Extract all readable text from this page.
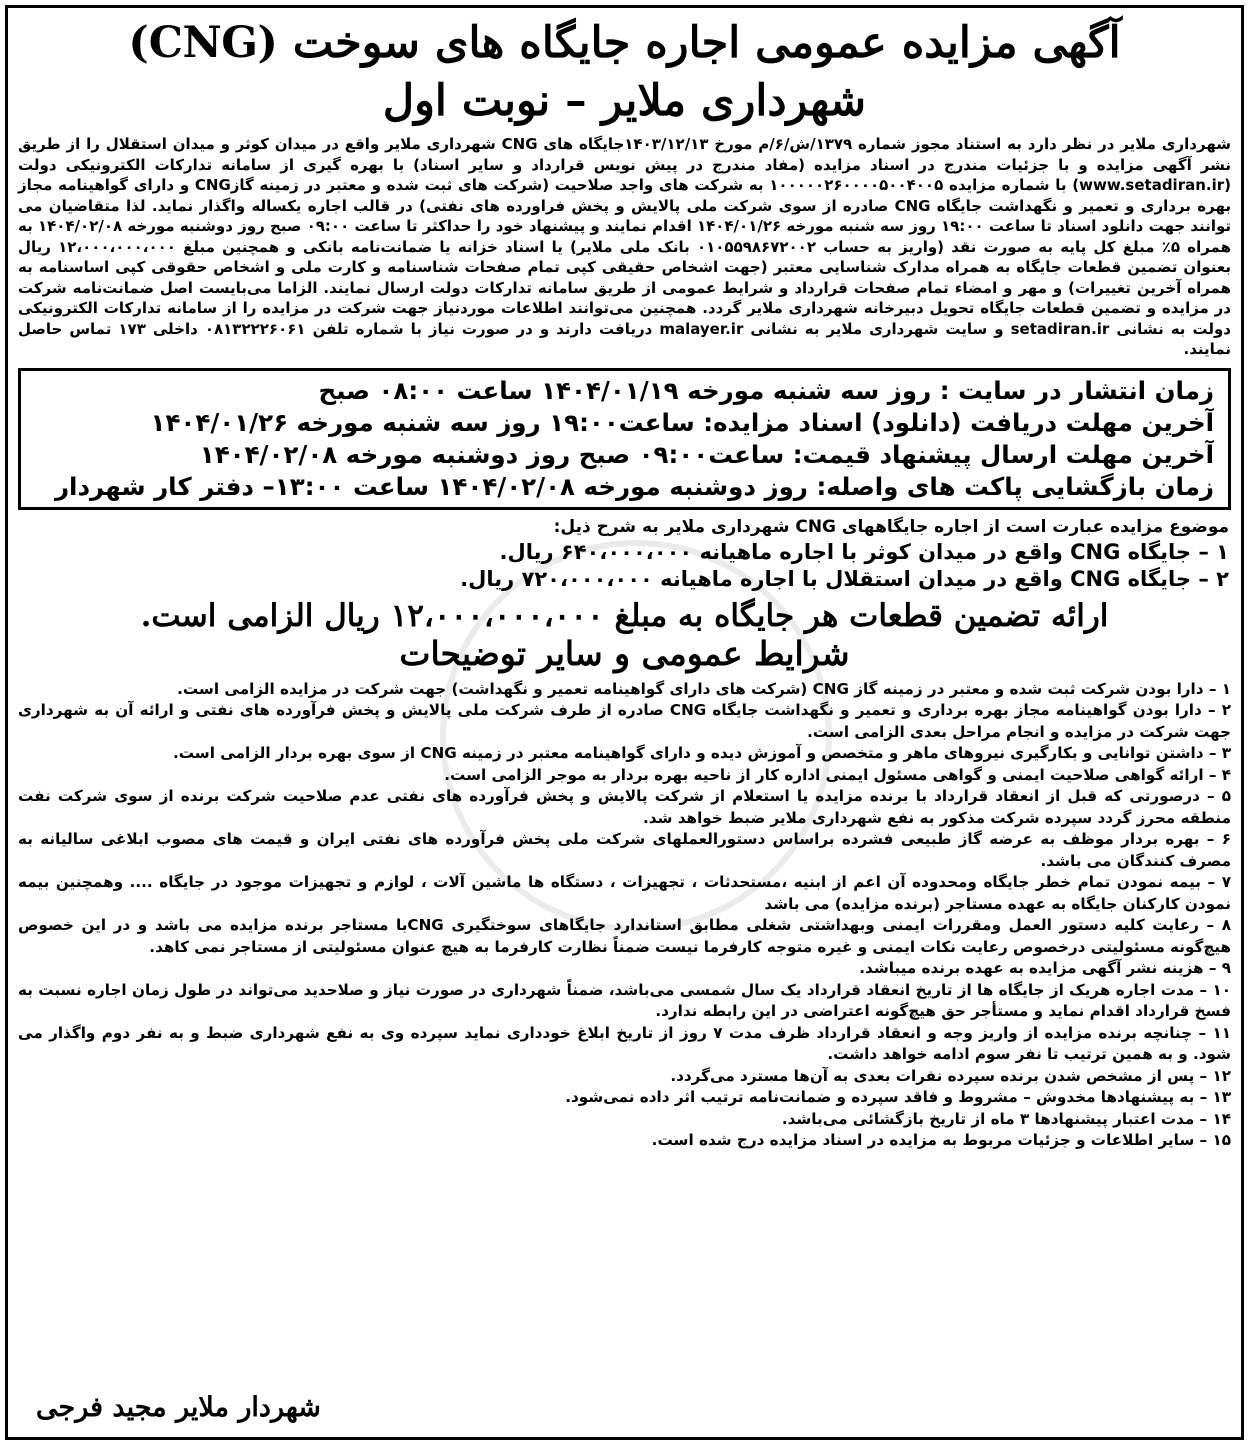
آگهی مزایده عمومی اجاره جایگاه های سوخت (CNG)
شهرداری ملایر – نوبت اول
شهرداری ملایر در نظر دارد به استناد مجوز شماره ۱۳۷۹/ش/۶/م مورخ ۱۴۰۳/۱۲/۱۳جایگاه های CNG شهرداری ملایر واقع در میدان کوثر و میدان استقلال را از طریق نشر آگهی مزایده و با جزئیات مندرج در اسناد مزایده (مفاد مندرج در پیش نویس قرارداد و سایر اسناد) با بهره گیری از سامانه تدارکات الکترونیکی دولت (www.setadiran.ir) با شماره مزایده ۱۰۰۰۰۰۲۶۰۰۰۰۵۰۰۴۰۰۵ به شرکت های واجد صلاحیت (شرکت های ثبت شده و معتبر در زمینه گازCNG و دارای گواهینامه مجاز بهره برداری و تعمیر و نگهداشت جایگاه CNG صادره از سوی شرکت ملی پالایش و پخش فراورده های نفتی) در قالب اجاره یکساله واگذار نماید. لذا متقاضیان می توانند جهت دانلود اسناد تا ساعت ۱۹:۰۰ روز سه شنبه مورخه ۱۴۰۴/۰۱/۲۶ اقدام نمایند و پیشنهاد خود را حداکثر تا ساعت ۰۹:۰۰ صبح روز دوشنبه مورخه ۱۴۰۴/۰۲/۰۸ به همراه ۵٪ مبلغ کل پایه به صورت نقد (واریز به حساب ۰۱۰۵۵۹۸۶۷۲۰۰۲ بانک ملی ملایر) یا اسناد خزانه یا ضمانت‌نامه بانکی و همچنین مبلغ ۱۲،۰۰۰،۰۰۰،۰۰۰ ریال بعنوان تضمین قطعات جایگاه به همراه مدارک شناسایی معتبر (جهت اشخاص حقیقی کپی تمام صفحات شناسنامه و کارت ملی و اشخاص حقوقی کپی اساسنامه به همراه آخرین تغییرات) و مهر و امضاء تمام صفحات قرارداد و شرایط عمومی از طریق سامانه تدارکات دولت ارسال نمایند. الزاما می‌بایست اصل ضمانت‌نامه شرکت در مزایده و تضمین قطعات جایگاه تحویل دبیرخانه شهرداری ملایر گردد. همچنین می‌توانند اطلاعات موردنیاز جهت شرکت در مزایده را از سامانه تدارکات الکترونیکی دولت به نشانی setadiran.ir و سایت شهرداری ملایر به نشانی malayer.ir دریافت دارند و در صورت نیاز با شماره تلفن ۰۸۱۳۲۲۲۶۰۶۱ داخلی ۱۷۳ تماس حاصل نمایند.
زمان انتشار در سایت : روز سه شنبه مورخه ۱۴۰۴/۰۱/۱۹ ساعت ۰۸:۰۰ صبح
آخرین مهلت دریافت (دانلود) اسناد مزایده: ساعت۱۹:۰۰ روز سه شنبه مورخه ۱۴۰۴/۰۱/۲۶
آخرین مهلت ارسال پیشنهاد قیمت: ساعت۰۹:۰۰ صبح روز دوشنبه مورخه ۱۴۰۴/۰۲/۰۸
زمان بازگشایی پاکت های واصله: روز دوشنبه مورخه ۱۴۰۴/۰۲/۰۸ ساعت ۱۳:۰۰– دفتر کار شهردار
موضوع مزایده عبارت است از اجاره جایگاههای CNG شهرداری ملایر به شرح ذیل:
۱ – جایگاه CNG واقع در میدان کوثر با اجاره ماهیانه ۶۴۰،۰۰۰،۰۰۰ ریال.
۲ – جایگاه CNG واقع در میدان استقلال با اجاره ماهیانه ۷۲۰،۰۰۰،۰۰۰ ریال.
ارائه تضمین قطعات هر جایگاه به مبلغ ۱۲،۰۰۰،۰۰۰،۰۰۰ ریال الزامی است.
شرایط عمومی و سایر توضیحات

۱ – دارا بودن شرکت ثبت شده و معتبر در زمینه گاز CNG (شرکت های دارای گواهینامه تعمیر و نگهداشت) جهت شرکت در مزایده الزامی است.

۲ – دارا بودن گواهینامه مجاز بهره برداری و تعمیر و نگهداشت جایگاه CNG صادره از طرف شرکت ملی پالایش و پخش فرآورده های نفتی و ارائه آن به شهرداری جهت شرکت در مزایده و انجام مراحل بعدی الزامی است.

۳ – داشتن توانایی و بکارگیری نیروهای ماهر و متخصص و آموزش دیده و دارای گواهینامه معتبر در زمینه CNG از سوی بهره بردار الزامی است.

۴ – ارائه گواهی صلاحیت ایمنی و گواهی مسئول ایمنی اداره کار از ناحیه بهره بردار به موجر الزامی است.

۵ – درصورتی که قبل از انعقاد قرارداد با برنده مزایده یا استعلام از شرکت پالایش و پخش فرآورده های نفتی عدم صلاحیت شرکت برنده از سوی شرکت نفت منطقه محرز گردد سپرده شرکت مذکور به نفع شهرداری ملایر ضبط خواهد شد.

۶ – بهره بردار موظف به عرضه گاز طبیعی فشرده براساس دستورالعملهای شرکت ملی پخش فرآورده های نفتی ایران و قیمت های مصوب ابلاغی سالیانه به مصرف کنندگان می باشد.

۷ – بیمه نمودن تمام خطر جایگاه ومحدوده آن اعم از ابنیه ،مستحدثات ، تجهیزات ، دستگاه ها ماشین آلات ، لوازم و تجهیزات موجود در جایگاه .... وهمچنین بیمه نمودن کارکنان جایگاه به عهده مستاجر (برنده مزایده) می باشد

۸ – رعایت کلیه دستور العمل ومقررات ایمنی وبهداشتی شغلی مطابق استاندارد جایگاهای سوختگیری CNGبا مستاجر برنده مزایده می باشد و در این خصوص هیچ‌گونه مسئولیتی درخصوص رعایت نکات ایمنی و غیره متوجه کارفرما نیست ضمناً نظارت کارفرما به هیچ عنوان مسئولیتی از مستاجر نمی کاهد.

۹ – هزینه نشر آگهی مزایده به عهده برنده میباشد.

۱۰ – مدت اجاره هریک از جایگاه ها از تاریخ انعقاد قرارداد یک سال شمسی می‌باشد، ضمناً شهرداری در صورت نیاز و صلاحدید می‌تواند در طول زمان اجاره نسبت به فسخ قرارداد اقدام نماید و مستأجر حق هیچ‌گونه اعتراضی در این رابطه ندارد.

۱۱ – چنانچه برنده مزایده از واریز وجه و انعقاد قرارداد ظرف مدت ۷ روز از تاریخ ابلاغ خودداری نماید سپرده وی به نفع شهرداری ضبط و به نفر دوم واگذار می شود. و به همین ترتیب تا نفر سوم ادامه خواهد داشت.

۱۲ – پس از مشخص شدن برنده سپرده نفرات بعدی به آن‌ها مسترد می‌گردد.

۱۳ – به پیشنهادها مخدوش – مشروط و فاقد سپرده و ضمانت‌نامه ترتیب اثر داده نمی‌شود.

۱۴ – مدت اعتبار پیشنهادها ۳ ماه از تاریخ بازگشائی می‌باشد.

۱۵ – سایر اطلاعات و جزئیات مربوط به مزایده در اسناد مزایده درج شده است.

شهردار ملایر مجید فرجی
